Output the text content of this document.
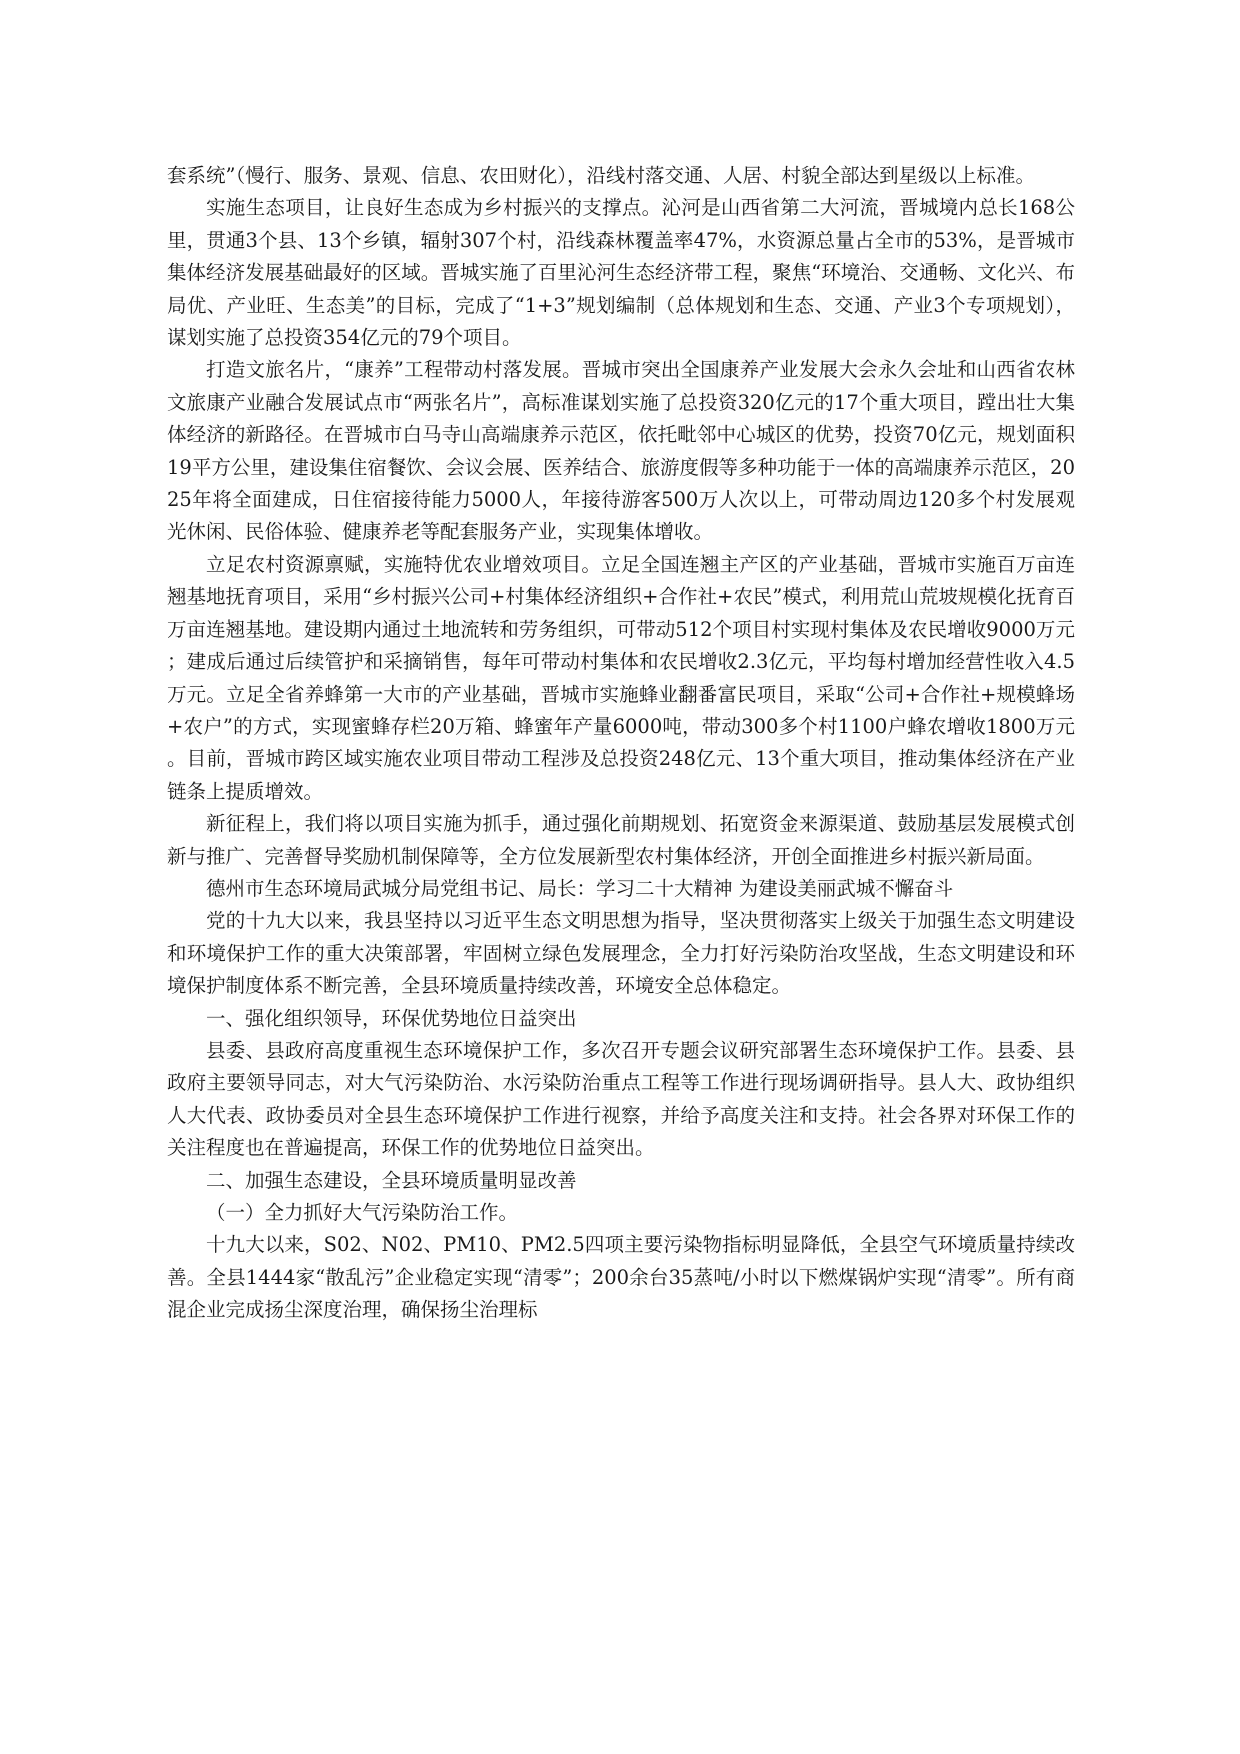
套系统”（慢行、服务、景观、信息、农田财化），沿线村落交通、人居、村貌全部达到星级以上标准。

实施生态项目，让良好生态成为乡村振兴的支撑点。沁河是山西省第二大河流，晋城境内总长168公里，贯通3个县、13个乡镇，辐射307个村，沿线森林覆盖率47%，水资源总量占全市的53%，是晋城市集体经济发展基础最好的区域。晋城实施了百里沁河生态经济带工程，聚焦“环境治、交通畅、文化兴、布局优、产业旺、生态美”的目标，完成了“1+3”规划编制（总体规划和生态、交通、产业3个专项规划），谋划实施了总投资354亿元的79个项目。

打造文旅名片，“康养”工程带动村落发展。晋城市突出全国康养产业发展大会永久会址和山西省农林文旅康产业融合发展试点市“两张名片”，高标准谋划实施了总投资320亿元的17个重大项目，蹚出壮大集体经济的新路径。在晋城市白马寺山高端康养示范区，依托毗邻中心城区的优势，投资70亿元，规划面积19平方公里，建设集住宿餐饮、会议会展、医养结合、旅游度假等多种功能于一体的高端康养示范区，2025年将全面建成，日住宿接待能力5000人，年接待游客500万人次以上，可带动周边120多个村发展观光休闲、民俗体验、健康养老等配套服务产业，实现集体增收。

立足农村资源禀赋，实施特优农业增效项目。立足全国连翘主产区的产业基础，晋城市实施百万亩连翘基地抚育项目，采用“乡村振兴公司+村集体经济组织+合作社+农民”模式，利用荒山荒坡规模化抚育百万亩连翘基地。建设期内通过土地流转和劳务组织，可带动512个项目村实现村集体及农民增收9000万元；建成后通过后续管护和采摘销售，每年可带动村集体和农民增收2.3亿元，平均每村增加经营性收入4.5万元。立足全省养蜂第一大市的产业基础，晋城市实施蜂业翻番富民项目，采取“公司+合作社+规模蜂场+农户”的方式，实现蜜蜂存栏20万箱、蜂蜜年产量6000吨，带动300多个村1100户蜂农增收1800万元。目前，晋城市跨区域实施农业项目带动工程涉及总投资248亿元、13个重大项目，推动集体经济在产业链条上提质增效。

新征程上，我们将以项目实施为抓手，通过强化前期规划、拓宽资金来源渠道、鼓励基层发展模式创新与推广、完善督导奖励机制保障等，全方位发展新型农村集体经济，开创全面推进乡村振兴新局面。

德州市生态环境局武城分局党组书记、局长：学习二十大精神 为建设美丽武城不懈奋斗

党的十九大以来，我县坚持以习近平生态文明思想为指导，坚决贯彻落实上级关于加强生态文明建设和环境保护工作的重大决策部署，牢固树立绿色发展理念，全力打好污染防治攻坚战，生态文明建设和环境保护制度体系不断完善，全县环境质量持续改善，环境安全总体稳定。

一、强化组织领导，环保优势地位日益突出

县委、县政府高度重视生态环境保护工作，多次召开专题会议研究部署生态环境保护工作。县委、县政府主要领导同志，对大气污染防治、水污染防治重点工程等工作进行现场调研指导。县人大、政协组织人大代表、政协委员对全县生态环境保护工作进行视察，并给予高度关注和支持。社会各界对环保工作的关注程度也在普遍提高，环保工作的优势地位日益突出。

二、加强生态建设，全县环境质量明显改善

（一）全力抓好大气污染防治工作。

十九大以来，S02、N02、PM10、PM2.5四项主要污染物指标明显降低，全县空气环境质量持续改善。全县1444家“散乱污”企业稳定实现“清零”；200余台35蒸吨/小时以下燃煤锅炉实现“清零”。所有商混企业完成扬尘深度治理，确保扬尘治理标
